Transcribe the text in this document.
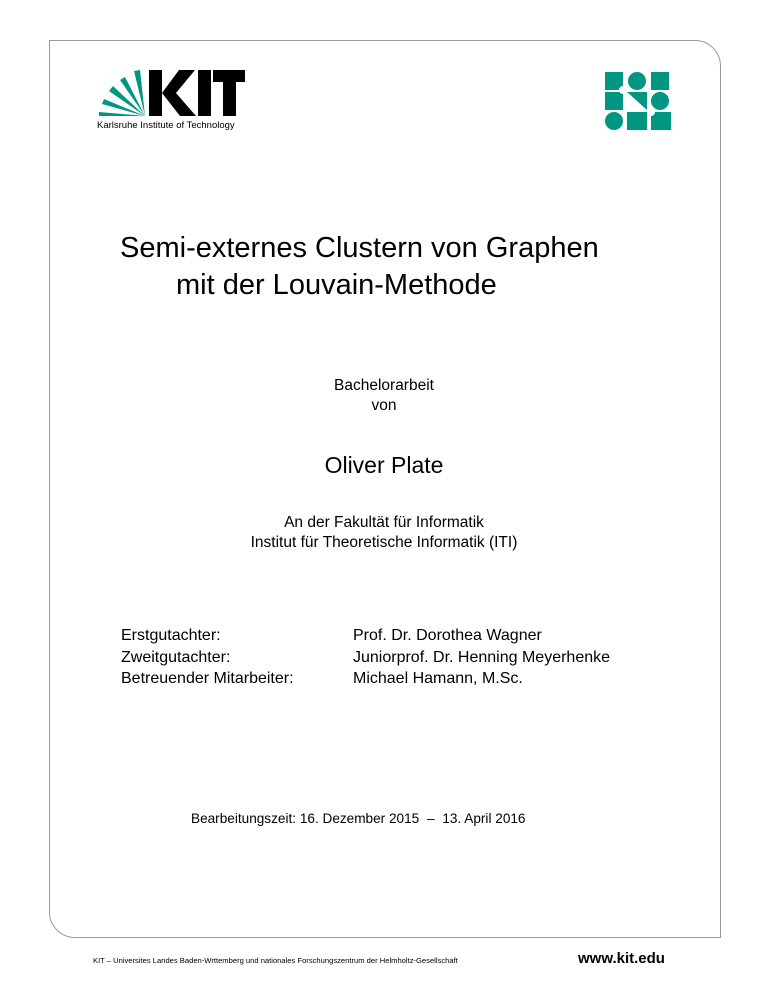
Karlsruhe Institute of Technology
Semi-externes Clustern von Graphen
mit der Louvain-Methode
Bachelorarbeit
von
Oliver Plate
An der Fakultät für Informatik
Institut für Theoretische Informatik (ITI)
Erstgutachter:	Prof. Dr. Dorothea Wagner
Zweitgutachter:	Juniorprof. Dr. Henning Meyerhenke
Betreuender Mitarbeiter:	Michael Hamann, M.Sc.
Bearbeitungszeit: 16. Dezember 2015 – 13. April 2016
KIT – Universites Landes Baden-Wrttemberg und nationales Forschungszentrum der Helmholtz-Gesellschaft	www.kit.edu
